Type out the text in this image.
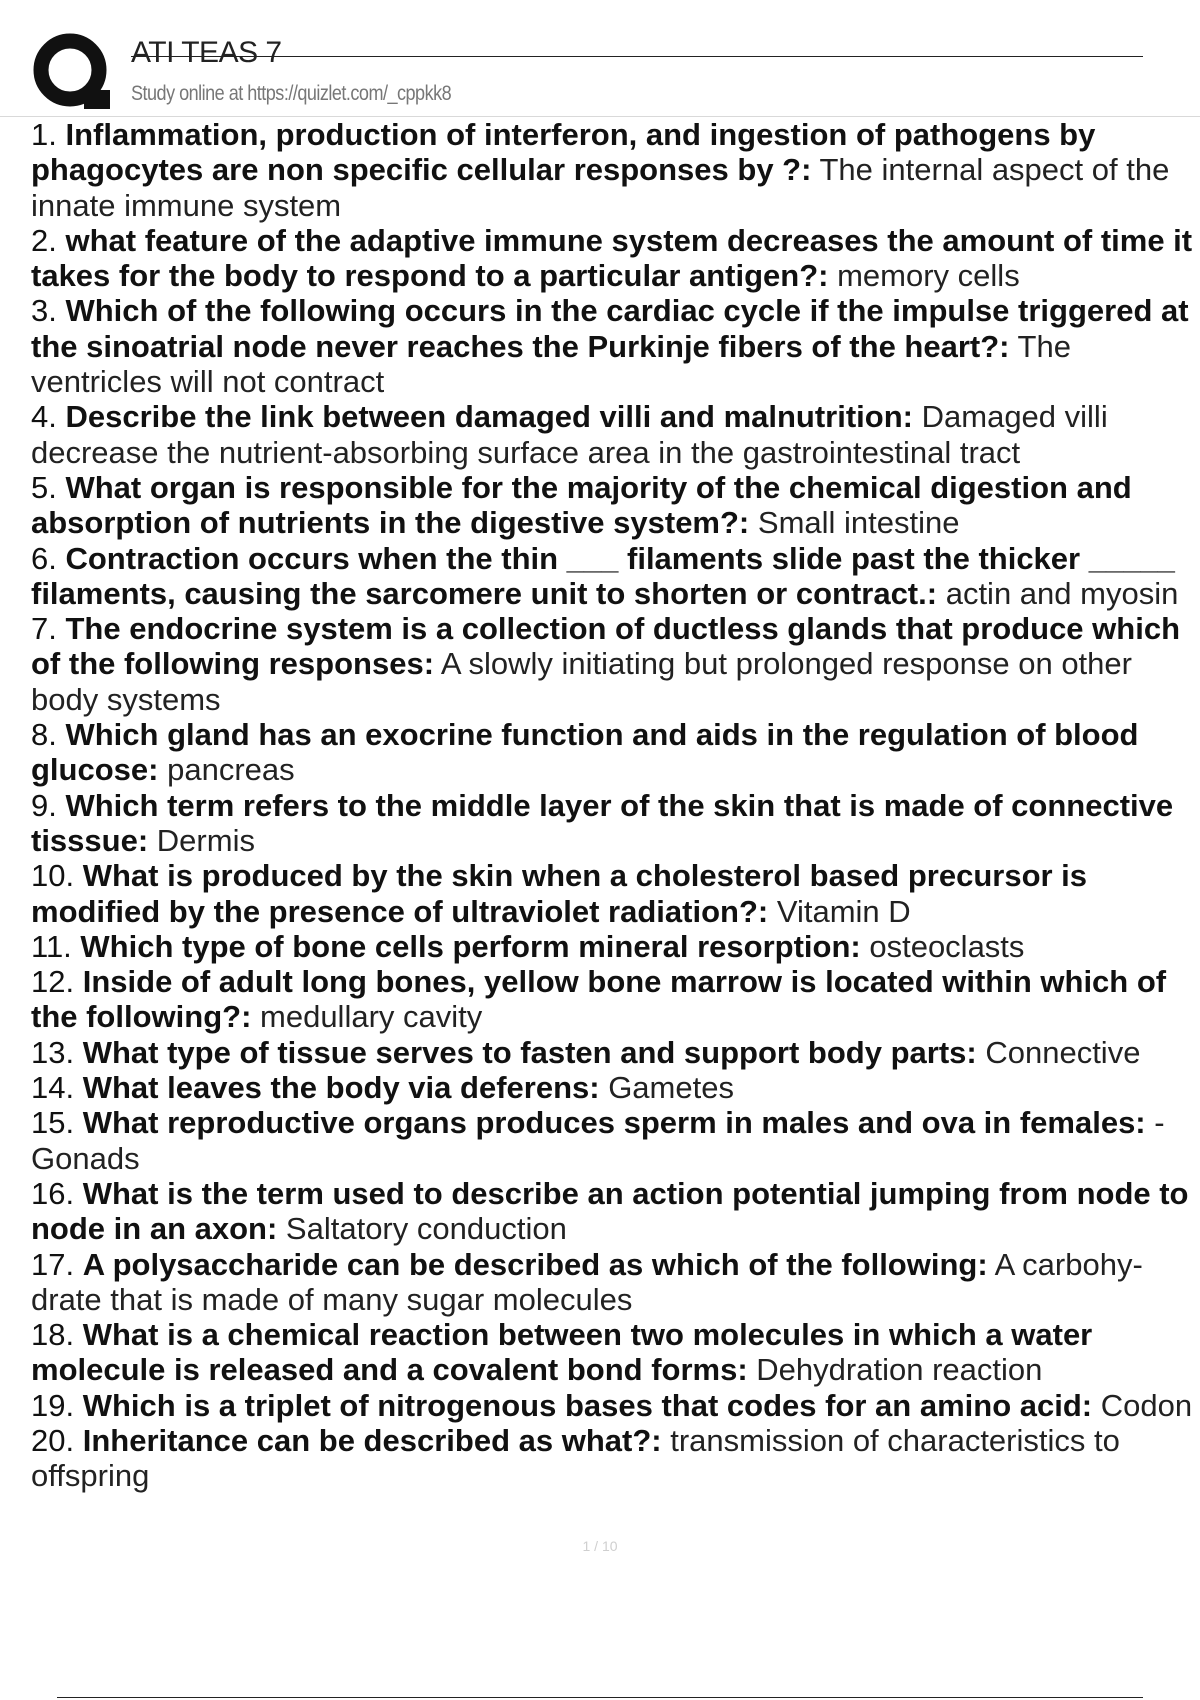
ATI TEAS 7
Study online at https://quizlet.com/_cppkk8
1. Inflammation, production of interferon, and ingestion of pathogens by phagocytes are non specific cellular responses by ?: The internal aspect of the innate immune system
2. what feature of the adaptive immune system decreases the amount of time it takes for the body to respond to a particular antigen?: memory cells
3. Which of the following occurs in the cardiac cycle if the impulse triggered at the sinoatrial node never reaches the Purkinje fibers of the heart?: The ventricles will not contract
4. Describe the link between damaged villi and malnutrition: Damaged villi decrease the nutrient-absorbing surface area in the gastrointestinal tract
5. What organ is responsible for the majority of the chemical digestion and absorption of nutrients in the digestive system?: Small intestine
6. Contraction occurs when the thin ___ filaments slide past the thicker _____ filaments, causing the sarcomere unit to shorten or contract.: actin and myosin
7. The endocrine system is a collection of ductless glands that produce which of the following responses: A slowly initiating but prolonged response on other body systems
8. Which gland has an exocrine function and aids in the regulation of blood glucose: pancreas
9. Which term refers to the middle layer of the skin that is made of connective tisssue: Dermis
10. What is produced by the skin when a cholesterol based precursor is modified by the presence of ultraviolet radiation?: Vitamin D
11. Which type of bone cells perform mineral resorption: osteoclasts
12. Inside of adult long bones, yellow bone marrow is located within which of the following?: medullary cavity
13. What type of tissue serves to fasten and support body parts: Connective
14. What leaves the body via deferens: Gametes
15. What reproductive organs produces sperm in males and ova in females: -Gonads
16. What is the term used to describe an action potential jumping from node to node in an axon: Saltatory conduction
17. A polysaccharide can be described as which of the following: A carbohy- drate that is made of many sugar molecules
18. What is a chemical reaction between two molecules in which a water molecule is released and a covalent bond forms: Dehydration reaction
19. Which is a triplet of nitrogenous bases that codes for an amino acid: Codon
20. Inheritance can be described as what?: transmission of characteristics to offspring
1 / 10
